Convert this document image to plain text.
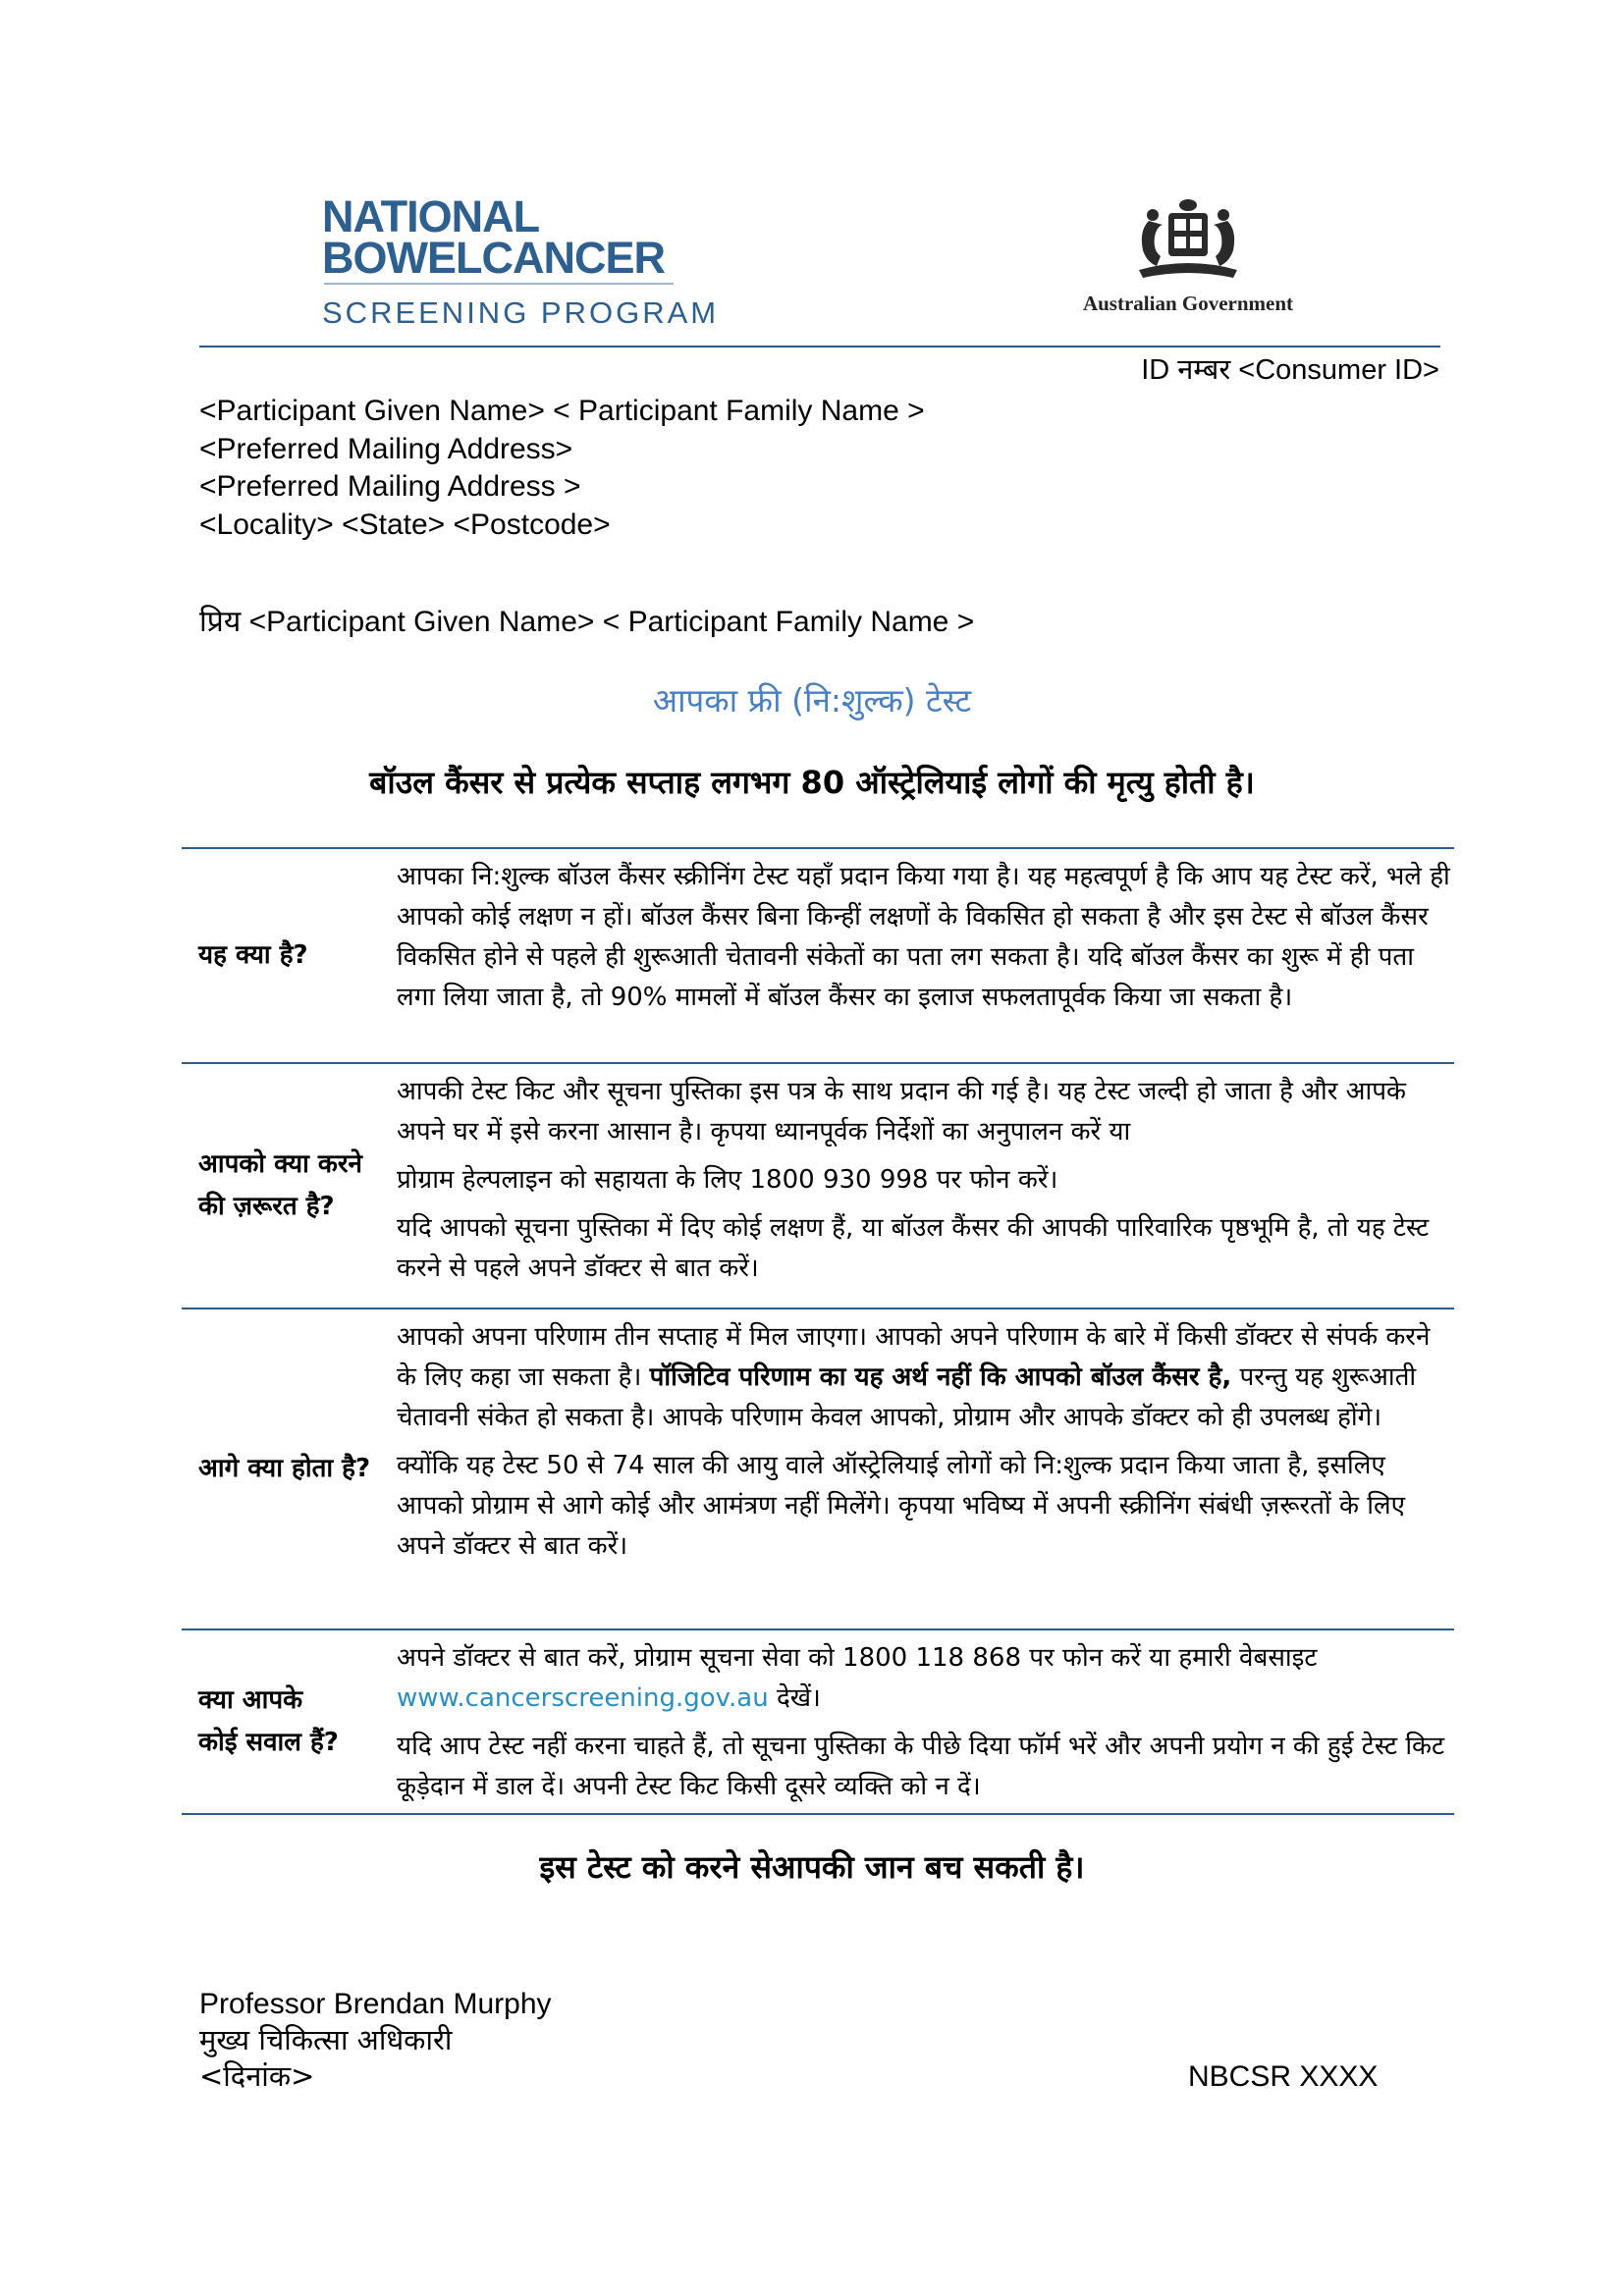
NATIONAL
BOWELCANCER
SCREENING PROGRAM	Australian Government
ID नम्बर <Consumer ID>
<Participant Given Name> < Participant Family Name >
<Preferred Mailing Address>
<Preferred Mailing Address >
<Locality> <State> <Postcode>
प्रिय <Participant Given Name> < Participant Family Name >
आपका फ्री (नि:शुल्क) टेस्ट
बॉउल कैंसर से प्रत्येक सप्ताह लगभग 80 ऑस्ट्रेलियाई लोगों की मृत्यु होती है।
यह क्या है?

आपका नि:शुल्क बॉउल कैंसर स्क्रीनिंग टेस्ट यहाँ प्रदान किया गया है। यह महत्वपूर्ण है कि आप यह टेस्ट करें, भले ही आपको कोई लक्षण न हों। बॉउल कैंसर बिना किन्हीं लक्षणों के विकसित हो सकता है और इस टेस्ट से बॉउल कैंसर विकसित होने से पहले ही शुरूआती चेतावनी संकेतों का पता लग सकता है। यदि बॉउल कैंसर का शुरू में ही पता लगा लिया जाता है, तो 90% मामलों में बॉउल कैंसर का इलाज सफलतापूर्वक किया जा सकता है।

आपको क्या करने की ज़रूरत है?

आपकी टेस्ट किट और सूचना पुस्तिका इस पत्र के साथ प्रदान की गई है। यह टेस्ट जल्दी हो जाता है और आपके अपने घर में इसे करना आसान है। कृपया ध्यानपूर्वक निर्देशों का अनुपालन करें या

प्रोग्राम हेल्पलाइन को सहायता के लिए 1800 930 998 पर फोन करें।

यदि आपको सूचना पुस्तिका में दिए कोई लक्षण हैं, या बॉउल कैंसर की आपकी पारिवारिक पृष्ठभूमि है, तो यह टेस्ट करने से पहले अपने डॉक्टर से बात करें।

आगे क्या होता है?

आपको अपना परिणाम तीन सप्ताह में मिल जाएगा। आपको अपने परिणाम के बारे में किसी डॉक्टर से संपर्क करने के लिए कहा जा सकता है। पॉजिटिव परिणाम का यह अर्थ नहीं कि आपको बॉउल कैंसर है, परन्तु यह शुरूआती चेतावनी संकेत हो सकता है। आपके परिणाम केवल आपको, प्रोग्राम और आपके डॉक्टर को ही उपलब्ध होंगे।

क्योंकि यह टेस्ट 50 से 74 साल की आयु वाले ऑस्ट्रेलियाई लोगों को नि:शुल्क प्रदान किया जाता है, इसलिए आपको प्रोग्राम से आगे कोई और आमंत्रण नहीं मिलेंगे। कृपया भविष्य में अपनी स्क्रीनिंग संबंधी ज़रूरतों के लिए अपने डॉक्टर से बात करें।

क्या आपके कोई सवाल हैं?

अपने डॉक्टर से बात करें, प्रोग्राम सूचना सेवा को 1800 118 868 पर फोन करें या हमारी वेबसाइट www.cancerscreening.gov.au देखें।

यदि आप टेस्ट नहीं करना चाहते हैं, तो सूचना पुस्तिका के पीछे दिया फॉर्म भरें और अपनी प्रयोग न की हुई टेस्ट किट कूड़ेदान में डाल दें। अपनी टेस्ट किट किसी दूसरे व्यक्ति को न दें।

इस टेस्ट को करने सेआपकी जान बच सकती है।
Professor Brendan Murphy
मुख्य चिकित्सा अधिकारी
<दिनांक>	NBCSR XXXX
